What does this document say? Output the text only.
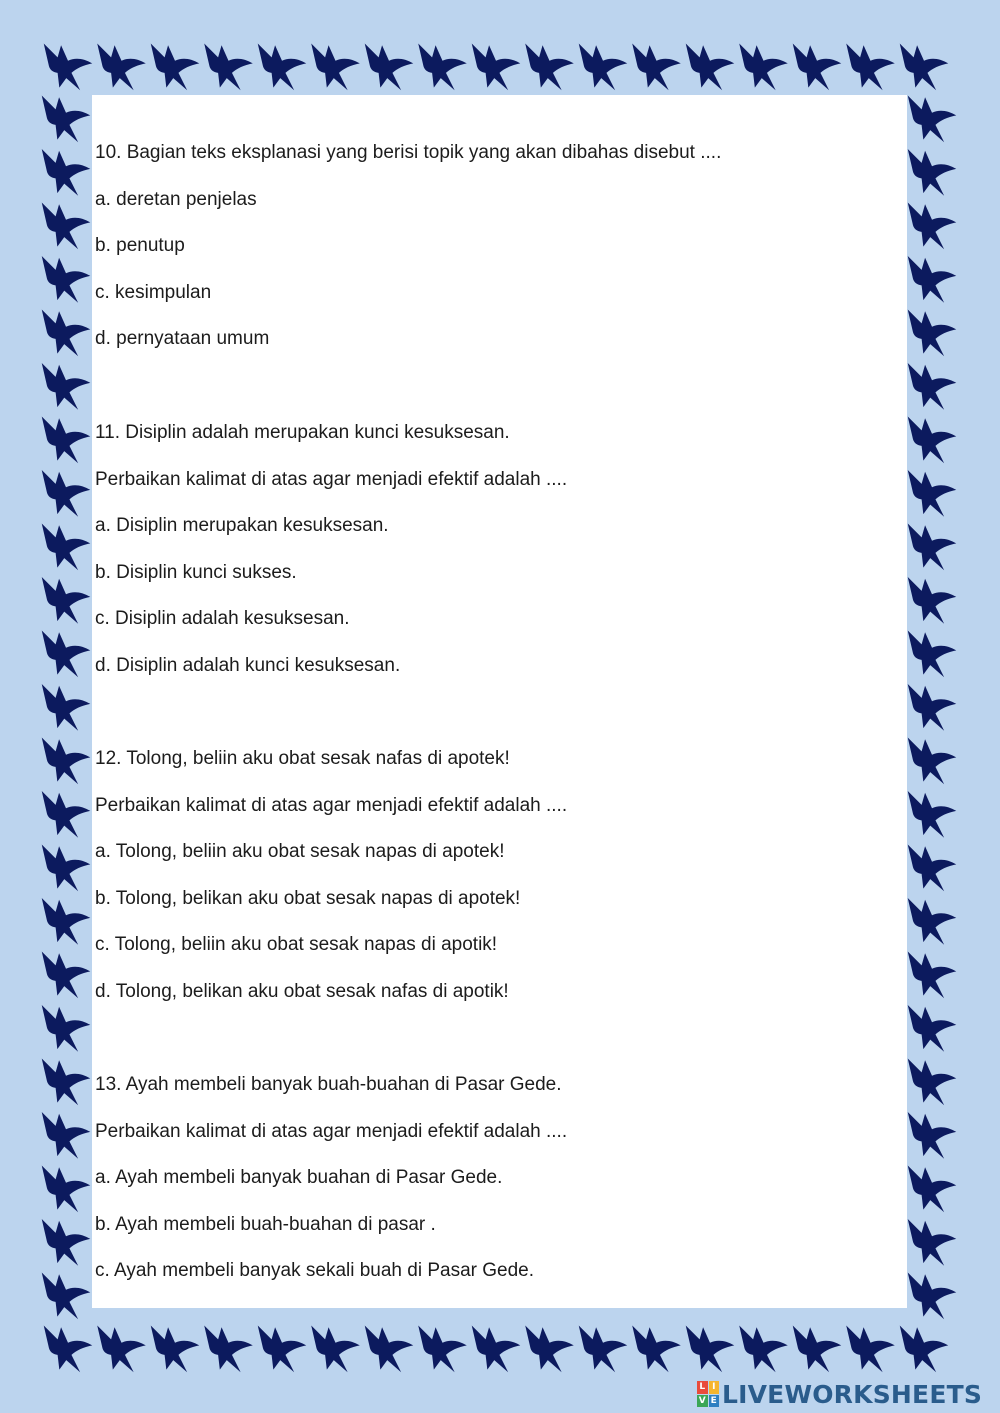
10. Bagian teks eksplanasi yang berisi topik yang akan dibahas disebut ....
a. deretan penjelas
b. penutup
c. kesimpulan
d. pernyataan umum
11. Disiplin adalah merupakan kunci kesuksesan.
Perbaikan kalimat di atas agar menjadi efektif adalah ....
a. Disiplin merupakan kesuksesan.
b. Disiplin kunci sukses.
c. Disiplin adalah kesuksesan.
d. Disiplin adalah kunci kesuksesan.
12. Tolong, beliin aku obat sesak nafas di apotek!
Perbaikan kalimat di atas agar menjadi efektif adalah ....
a. Tolong, beliin aku obat sesak napas di apotek!
b. Tolong, belikan aku obat sesak napas di apotek!
c. Tolong, beliin aku obat sesak napas di apotik!
d. Tolong, belikan aku obat sesak nafas di apotik!
13. Ayah membeli banyak buah-buahan di Pasar Gede.
Perbaikan kalimat di atas agar menjadi efektif adalah ....
a. Ayah membeli banyak buahan di Pasar Gede.
b. Ayah membeli buah-buahan di pasar .
c. Ayah membeli banyak sekali buah di Pasar Gede.
L I
V E LIVEWORKSHEETS
